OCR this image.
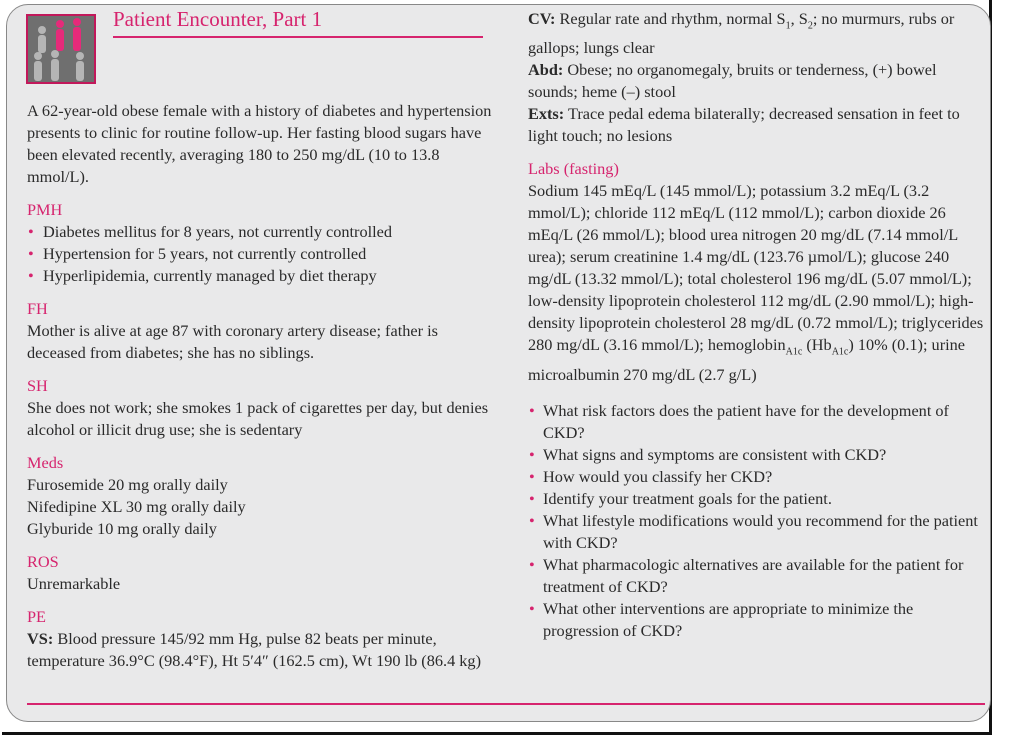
Patient Encounter, Part 1

A 62-year-old obese female with a history of diabetes and hypertension presents to clinic for routine follow-up. Her fasting blood sugars have been elevated recently, averaging 180 to 250 mg/dL (10 to 13.8 mmol/L).

PMH

• Diabetes mellitus for 8 years, not currently controlled

• Hypertension for 5 years, not currently controlled

• Hyperlipidemia, currently managed by diet therapy

FH

Mother is alive at age 87 with coronary artery disease; father is deceased from diabetes; she has no siblings.

SH

She does not work; she smokes 1 pack of cigarettes per day, but denies alcohol or illicit drug use; she is sedentary

Meds

Furosemide 20 mg orally daily

Nifedipine XL 30 mg orally daily

Glyburide 10 mg orally daily

ROS

Unremarkable

PE

VS: Blood pressure 145/92 mm Hg, pulse 82 beats per minute, temperature 36.9°C (98.4°F), Ht 5′4″ (162.5 cm), Wt 190 lb (86.4 kg)

CV: Regular rate and rhythm, normal $S_1$, $S_2$; no murmurs, rubs or gallops; lungs clear

Abd: Obese; no organomegaly, bruits or tenderness, (+) bowel sounds; heme (–) stool

Exts: Trace pedal edema bilaterally; decreased sensation in feet to light touch; no lesions

Labs (fasting)

Sodium 145 mEq/L (145 mmol/L); potassium 3.2 mEq/L (3.2 mmol/L); chloride 112 mEq/L (112 mmol/L); carbon dioxide 26 mEq/L (26 mmol/L); blood urea nitrogen 20 mg/dL (7.14 mmol/L urea); serum creatinine 1.4 mg/dL (123.76 µmol/L); glucose 240 mg/dL (13.32 mmol/L); total cholesterol 196 mg/dL (5.07 mmol/L); low-density lipoprotein cholesterol 112 mg/dL (2.90 mmol/L); high-density lipoprotein cholesterol 28 mg/dL (0.72 mmol/L); triglycerides 280 mg/dL (3.16 mmol/L); hemoglobin$_{A1c}$ $(Hb_{A1c})$ 10% (0.1); urine microalbumin 270 mg/dL (2.7 g/L)

• What risk factors does the patient have for the development of CKD?

• What signs and symptoms are consistent with CKD?

• How would you classify her CKD?

• Identify your treatment goals for the patient.

• What lifestyle modifications would you recommend for the patient with CKD?

• What pharmacologic alternatives are available for the patient for treatment of CKD?

• What other interventions are appropriate to minimize the progression of CKD?
